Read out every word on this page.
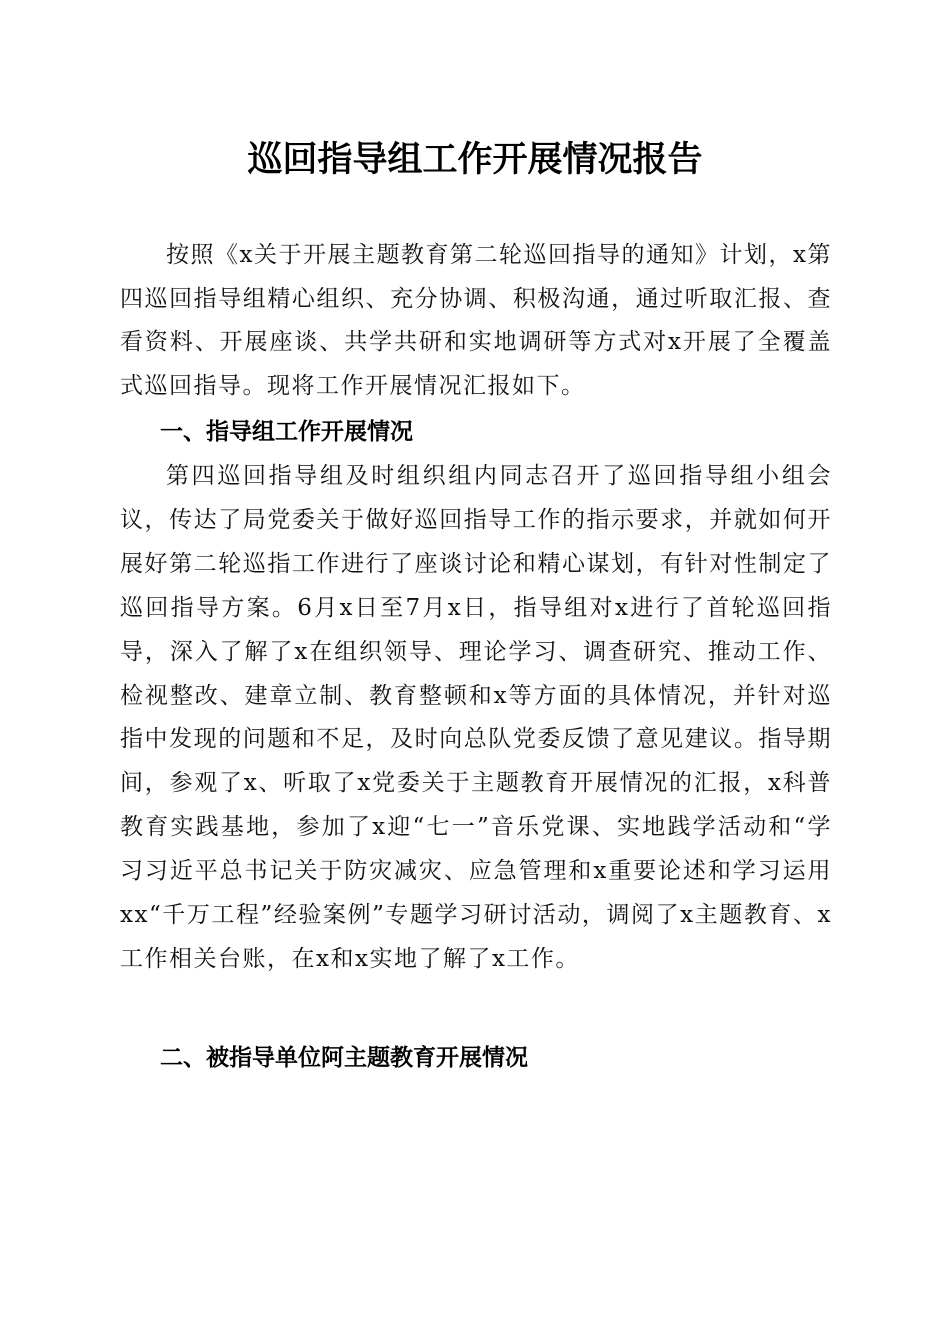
巡回指导组工作开展情况报告

按照《x关于开展主题教育第二轮巡回指导的通知》计划，x第四巡回指导组精心组织、充分协调、积极沟通，通过听取汇报、查看资料、开展座谈、共学共研和实地调研等方式对x开展了全覆盖式巡回指导。现将工作开展情况汇报如下。

一、指导组工作开展情况

第四巡回指导组及时组织组内同志召开了巡回指导组小组会议，传达了局党委关于做好巡回指导工作的指示要求，并就如何开展好第二轮巡指工作进行了座谈讨论和精心谋划，有针对性制定了巡回指导方案。6月x日至7月x日，指导组对x进行了首轮巡回指导，深入了解了x在组织领导、理论学习、调查研究、推动工作、检视整改、建章立制、教育整顿和x等方面的具体情况，并针对巡指中发现的问题和不足，及时向总队党委反馈了意见建议。指导期间，参观了x、听取了x党委关于主题教育开展情况的汇报，x科普教育实践基地，参加了x迎“七一”音乐党课、实地践学活动和“学习习近平总书记关于防灾减灾、应急管理和x重要论述和学习运用xx“千万工程”经验案例”专题学习研讨活动，调阅了x主题教育、x工作相关台账，在x和x实地了解了x工作。

二、被指导单位阿主题教育开展情况
